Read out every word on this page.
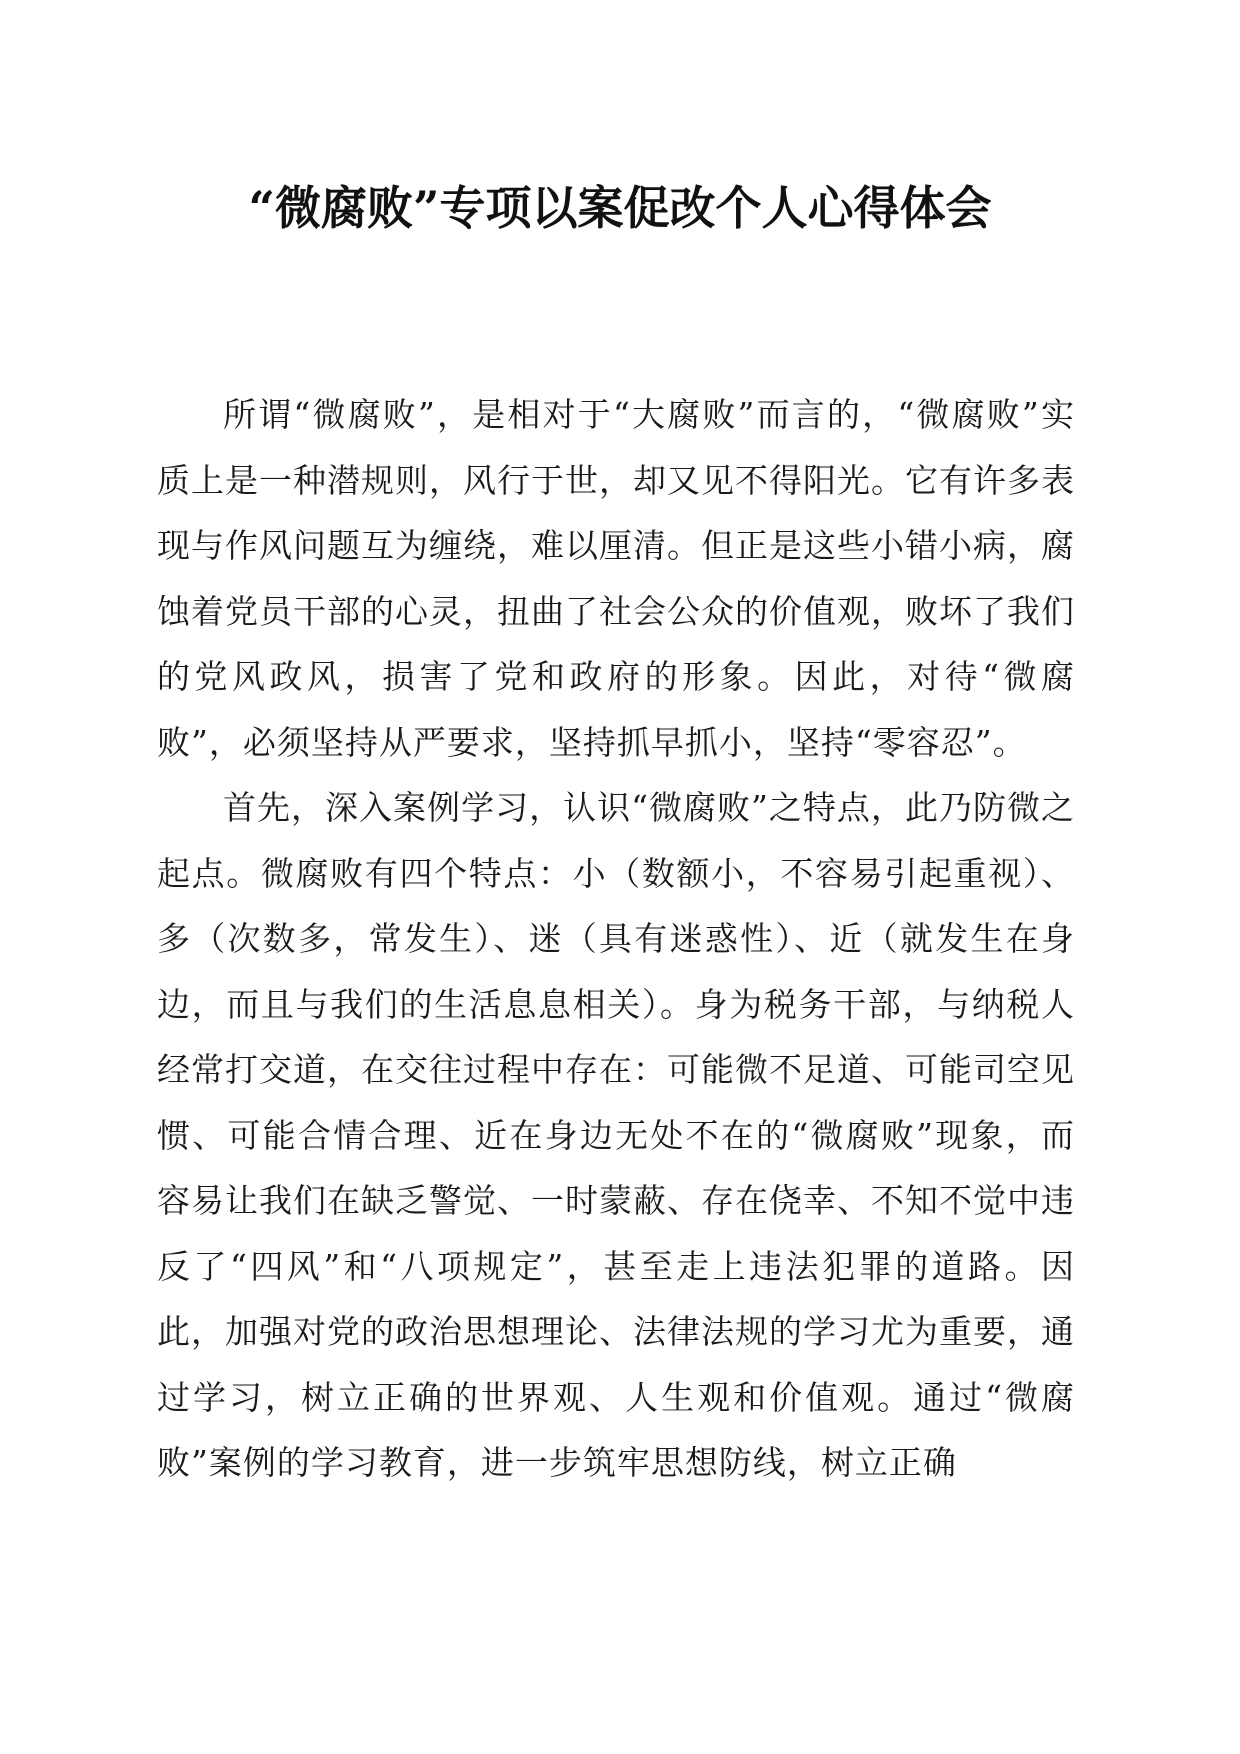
“微腐败”专项以案促改个人心得体会

所谓“微腐败”，是相对于“大腐败”而言的，“微腐败”实质上是一种潜规则，风行于世，却又见不得阳光。它有许多表现与作风问题互为缠绕，难以厘清。但正是这些小错小病，腐蚀着党员干部的心灵，扭曲了社会公众的价值观，败坏了我们的党风政风，损害了党和政府的形象。因此，对待“微腐败”，必须坚持从严要求，坚持抓早抓小，坚持“零容忍”。

首先，深入案例学习，认识“微腐败”之特点，此乃防微之起点。微腐败有四个特点：小（数额小，不容易引起重视）、多（次数多，常发生）、迷（具有迷惑性）、近（就发生在身边，而且与我们的生活息息相关）。身为税务干部，与纳税人经常打交道，在交往过程中存在：可能微不足道、可能司空见惯、可能合情合理、近在身边无处不在的“微腐败”现象，而容易让我们在缺乏警觉、一时蒙蔽、存在侥幸、不知不觉中违反了“四风”和“八项规定”，甚至走上违法犯罪的道路。因此，加强对党的政治思想理论、法律法规的学习尤为重要，通过学习，树立正确的世界观、人生观和价值观。通过“微腐败”案例的学习教育，进一步筑牢思想防线，树立正确
